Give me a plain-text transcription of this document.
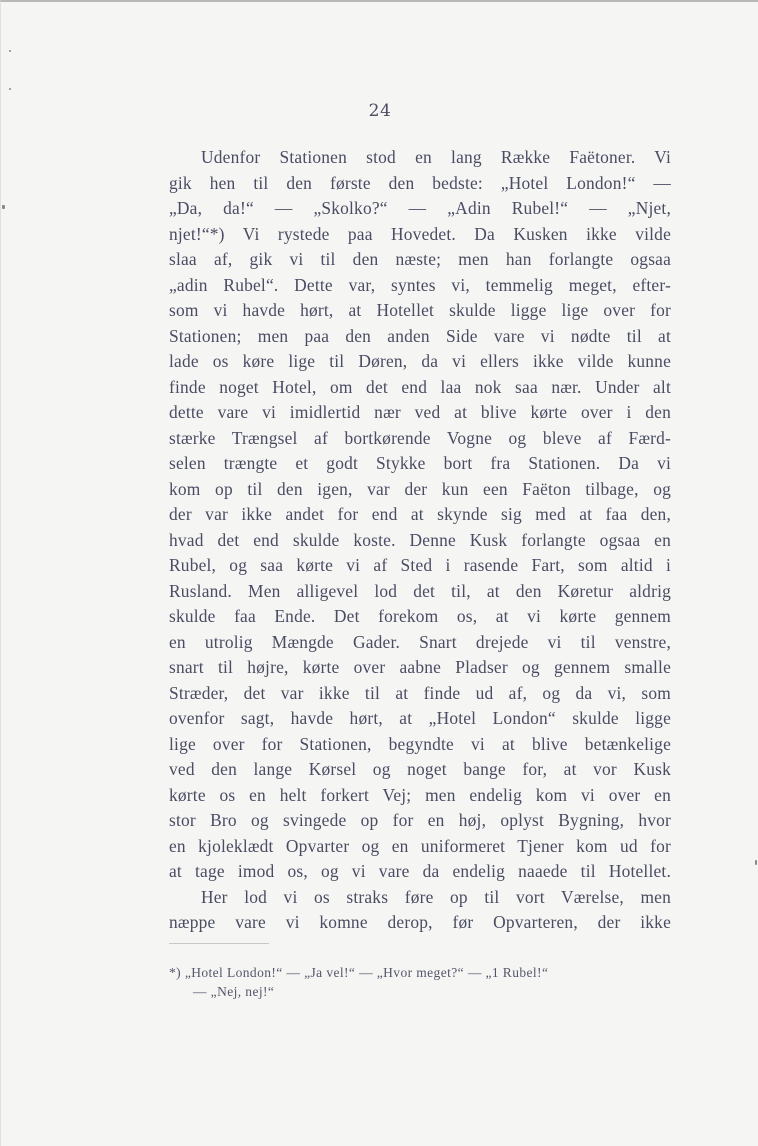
24
Udenfor Stationen stod en lang Række Faëtoner. Vi
gik hen til den første den bedste: „Hotel London!“ —
„Da, da!“ — „Skolko?“ — „Adin Rubel!“ — „Njet,
njet!“*) Vi rystede paa Hovedet. Da Kusken ikke vilde
slaa af, gik vi til den næste; men han forlangte ogsaa
„adin Rubel“. Dette var, syntes vi, temmelig meget, efter-
som vi havde hørt, at Hotellet skulde ligge lige over for
Stationen; men paa den anden Side vare vi nødte til at
lade os køre lige til Døren, da vi ellers ikke vilde kunne
finde noget Hotel, om det end laa nok saa nær. Under alt
dette vare vi imidlertid nær ved at blive kørte over i den
stærke Trængsel af bortkørende Vogne og bleve af Færd-
selen trængte et godt Stykke bort fra Stationen. Da vi
kom op til den igen, var der kun een Faëton tilbage, og
der var ikke andet for end at skynde sig med at faa den,
hvad det end skulde koste. Denne Kusk forlangte ogsaa en
Rubel, og saa kørte vi af Sted i rasende Fart, som altid i
Rusland. Men alligevel lod det til, at den Køretur aldrig
skulde faa Ende. Det forekom os, at vi kørte gennem
en utrolig Mængde Gader. Snart drejede vi til venstre,
snart til højre, kørte over aabne Pladser og gennem smalle
Stræder, det var ikke til at finde ud af, og da vi, som
ovenfor sagt, havde hørt, at „Hotel London“ skulde ligge
lige over for Stationen, begyndte vi at blive betænkelige
ved den lange Kørsel og noget bange for, at vor Kusk
kørte os en helt forkert Vej; men endelig kom vi over en
stor Bro og svingede op for en høj, oplyst Bygning, hvor
en kjoleklædt Opvarter og en uniformeret Tjener kom ud for
at tage imod os, og vi vare da endelig naaede til Hotellet.
Her lod vi os straks føre op til vort Værelse, men
næppe vare vi komne derop, før Opvarteren, der ikke
*) „Hotel London!“ — „Ja vel!“ — „Hvor meget?“ — „1 Rubel!“
— „Nej, nej!“
